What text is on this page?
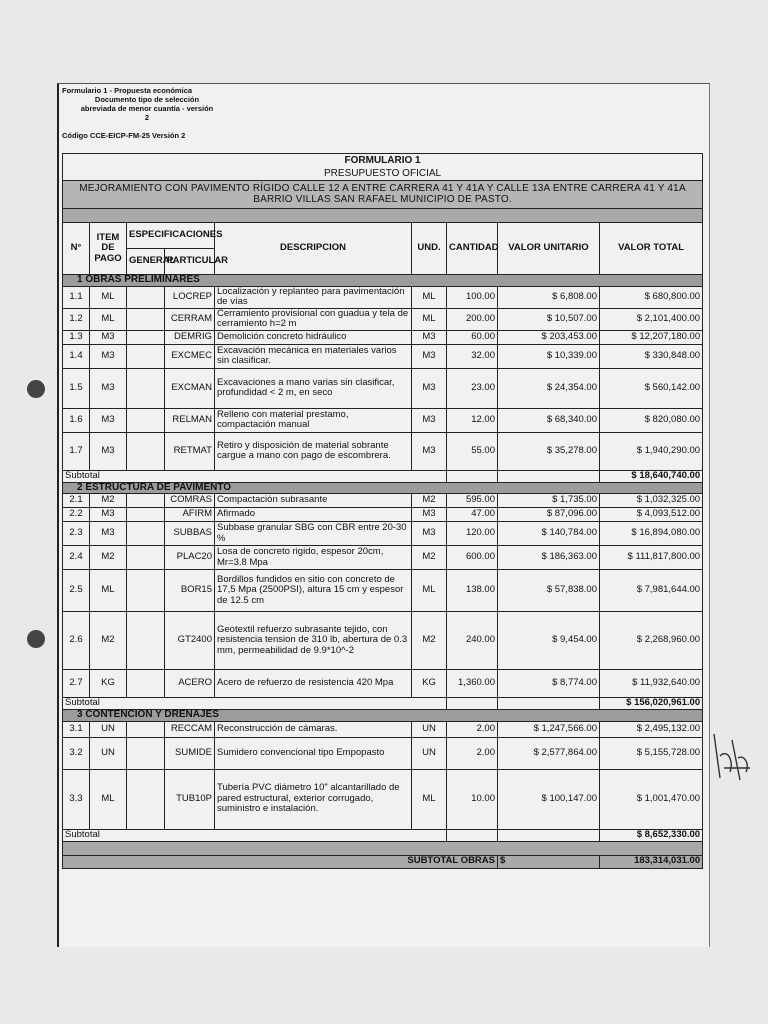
Formulario 1 - Propuesta económica
Documento tipo de selección
abreviada de menor cuantía - versión
2
Código CCE-EICP-FM-25 Versión 2
FORMULARIO 1								
PRESUPUESTO OFICIAL								

MEJORAMIENTO CON PAVIMENTO RÍGIDO CALLE 12 A ENTRE CARRERA 41 Y 41A Y CALLE 13A ENTRE CARRERA 41 Y 41A
BARRIO VILLAS SAN RAFAEL MUNICIPIO DE PASTO.								

N°	ITEM DE PAGO	ESPECIFICACIONES		DESCRIPCION	UND.	CANTIDAD	VALOR UNITARIO	VALOR TOTAL
		GENERAL	PARTICULAR					
1 OBRAS PRELIMINARES								
1.1	ML		LOCREP	Localización y replanteo para pavimentación de vías	ML	100.00	$ 6,808.00	$ 680,800.00
1.2	ML		CERRAM	Cerramiento provisional con guadua y tela de cerramiento h=2 m	ML	200.00	$ 10,507.00	$ 2,101,400.00
1.3	M3		DEMRIG	Demolición concreto hidráulico	M3	60.00	$ 203,453.00	$ 12,207,180.00
1.4	M3		EXCMEC	Excavación mecánica en materiales varios sin clasificar.	M3	32.00	$ 10,339.00	$ 330,848.00
1.5	M3		EXCMAN	Excavaciones a mano varias sin clasificar, profundidad < 2 m, en seco	M3	23.00	$ 24,354.00	$ 560,142.00
1.6	M3		RELMAN	Relleno con material prestamo, compactación manual	M3	12.00	$ 68,340.00	$ 820,080.00
1.7	M3		RETMAT	Retiro y disposición de material sobrante cargue a mano con pago de escombrera.	M3	55.00	$ 35,278.00	$ 1,940,290.00
Subtotal								$ 18,640,740.00
2 ESTRUCTURA DE PAVIMENTO								
2.1	M2		COMRAS	Compactación subrasante	M2	595.00	$ 1,735.00	$ 1,032,325.00
2.2	M3		AFIRM	Afirmado	M3	47.00	$ 87,096.00	$ 4,093,512.00
2.3	M3		SUBBAS	Subbase granular SBG con CBR entre 20-30 %	M3	120.00	$ 140,784.00	$ 16,894,080.00
2.4	M2		PLAC20	Losa de concreto rigido, espesor 20cm, Mr=3.8 Mpa	M2	600.00	$ 186,363.00	$ 111,817,800.00
2.5	ML		BOR15	Bordillos fundidos en sitio con concreto de 17,5 Mpa (2500PSI), altura 15 cm y espesor de 12.5 cm	ML	138.00	$ 57,838.00	$ 7,981,644.00
2.6	M2		GT2400	Geotextil refuerzo subrasante tejido, con resistencia tension de 310 lb, abertura de 0.3 mm, permeabilidad de 9.9*10^-2	M2	240.00	$ 9,454.00	$ 2,268,960.00
2.7	KG		ACERO	Acero de refuerzo de resistencia 420 Mpa	KG	1,360.00	$ 8,774.00	$ 11,932,640.00
Subtotal								$ 156,020,961.00
3 CONTENCION Y DRENAJES								
3.1	UN		RECCAM	Reconstrucción de cámaras.	UN	2.00	$ 1,247,566.00	$ 2,495,132.00
3.2	UN		SUMIDE	Sumidero convencional tipo Empopasto	UN	2.00	$ 2,577,864.00	$ 5,155,728.00
3.3	ML		TUB10P	Tubería PVC diámetro 10" alcantarillado de pared estructural, exterior corrugado, suministro e instalación.	ML	10.00	$ 100,147.00	$ 1,001,470.00
Subtotal								$ 8,652,330.00

SUBTOTAL OBRAS							$	183,314,031.00
